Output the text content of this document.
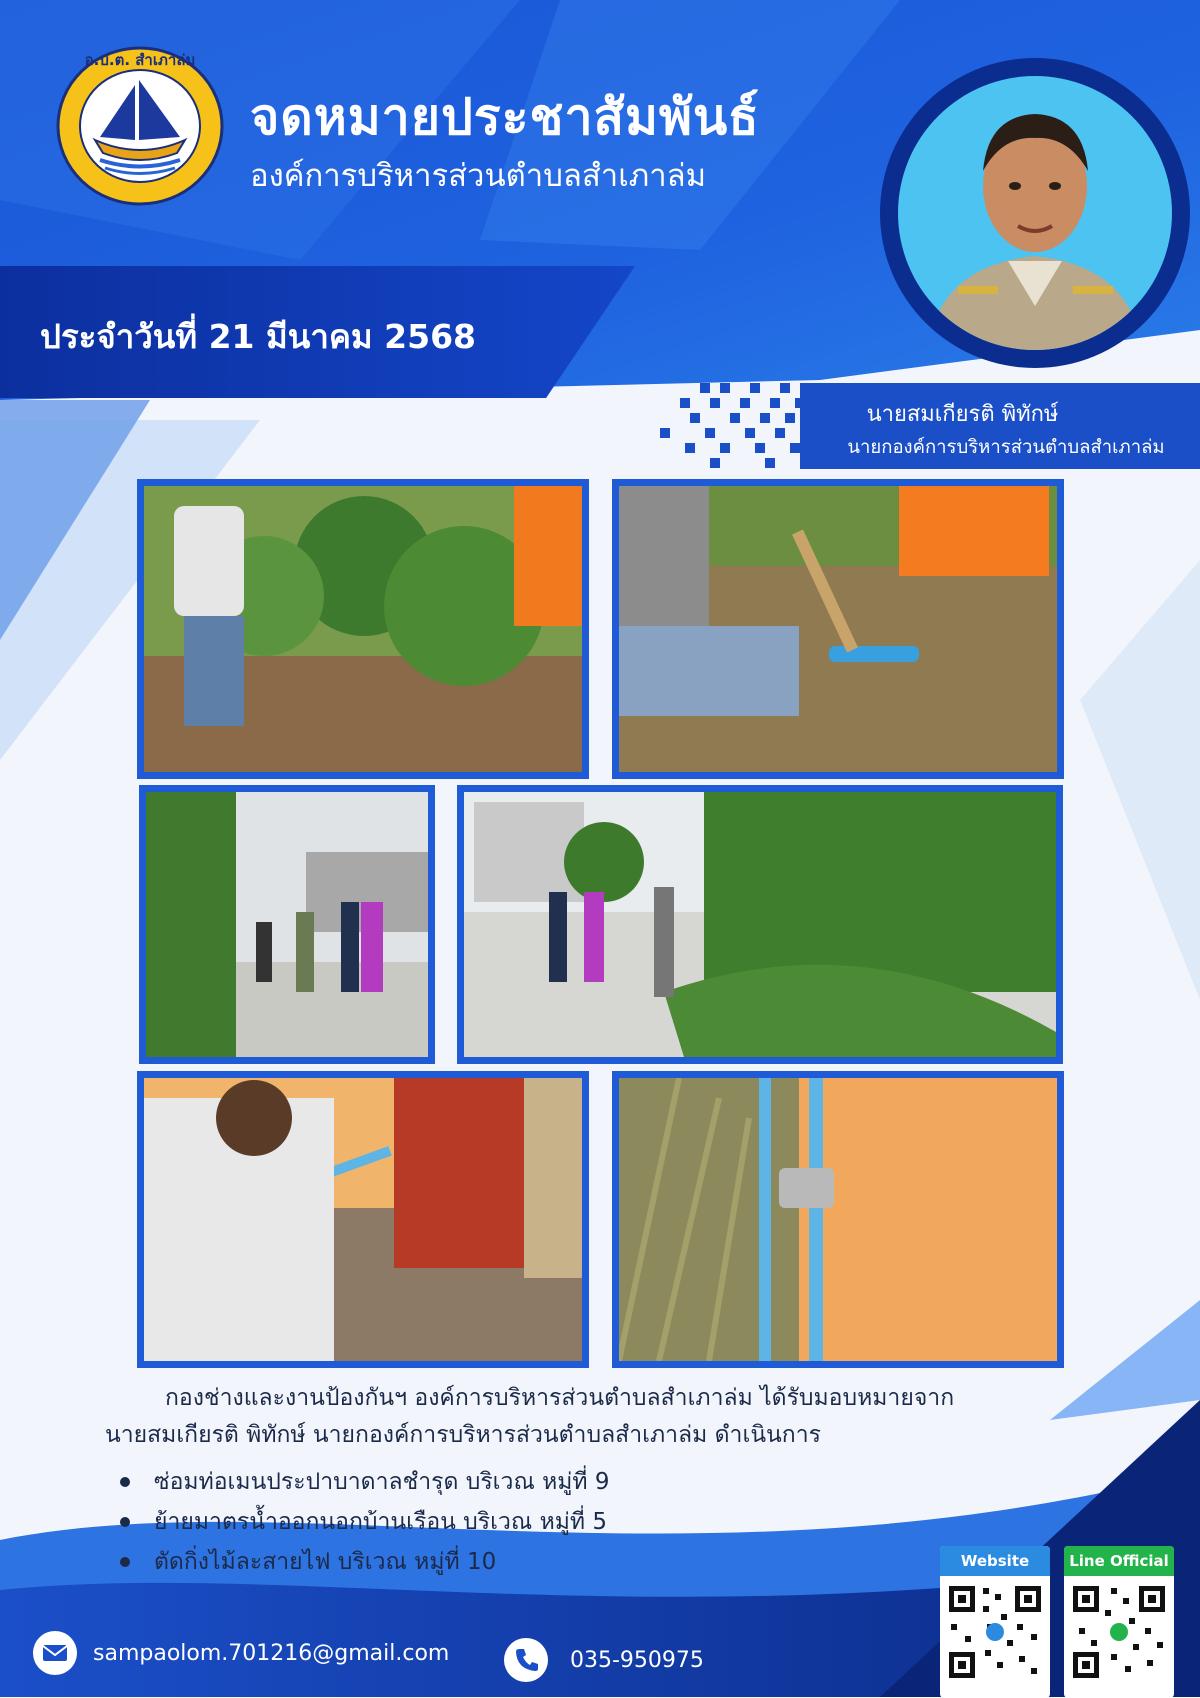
อ.บ.ต. สำเภาล่ม
จดหมายประชาสัมพันธ์
องค์การบริหารส่วนตำบลสำเภาล่ม
ประจำวันที่ 21 มีนาคม 2568
นายสมเกียรติ พิทักษ์
นายกองค์การบริหารส่วนตำบลสำเภาล่ม
กองช่างและงานป้องกันฯ องค์การบริหารส่วนตำบลสำเภาล่ม ได้รับมอบหมายจาก
นายสมเกียรติ พิทักษ์ นายกองค์การบริหารส่วนตำบลสำเภาล่ม ดำเนินการ
ซ่อมท่อเมนประปาบาดาลชำรุด บริเวณ หมู่ที่ 9
ย้ายมาตรน้ำออกนอกบ้านเรือน บริเวณ หมู่ที่ 5
ตัดกิ่งไม้ละสายไฟ บริเวณ หมู่ที่ 10
sampaolom.701216@gmail.com	035-950975
Website	Line Official
